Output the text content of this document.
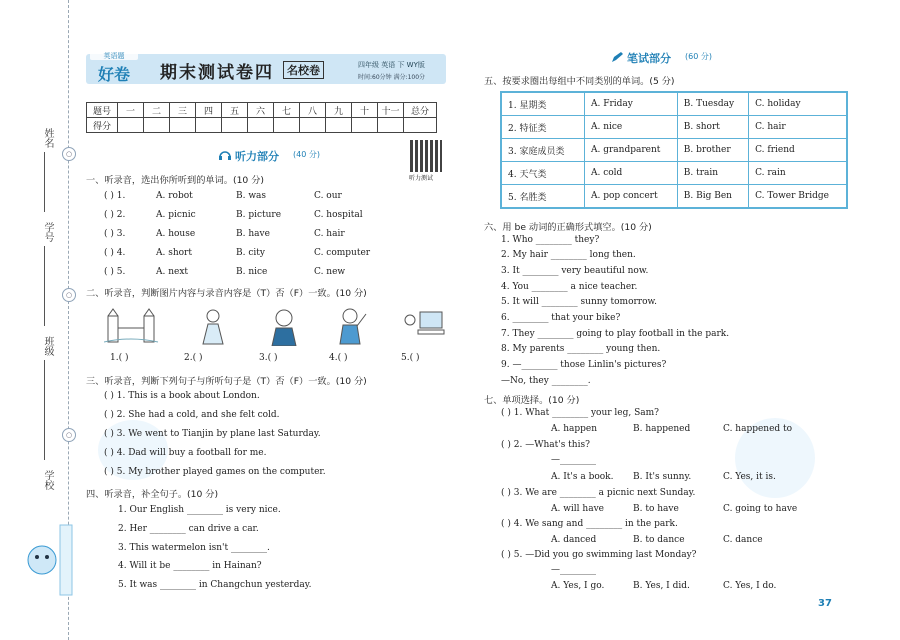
姓名
学号
班级
学校
○
○
○
英语题
好卷 期末测试卷四	名校卷	四年级 英语 下 WY版
时间:60分钟 满分:100分
题号	一	二	三	四	五	六	七	八	九	十	十一	总分
得分												
听力测试
听力部分 (40 分)
一、听录音，选出你所听到的单词。(10 分)
( ) 1.	A. robot	B. was	C. our
( ) 2.	A. picnic	B. picture	C. hospital
( ) 3.	A. house	B. have	C. hair
( ) 4.	A. short	B. city	C. computer
( ) 5.	A. next	B. nice	C. new
二、听录音，判断图片内容与录音内容是（T）否（F）一致。(10 分)
1.( )	2.( )	3.( )	4.( )	5.( )
三、听录音，判断下列句子与所听句子是（T）否（F）一致。(10 分)
( ) 1. This is a book about London.
( ) 2. She had a cold, and she felt cold.
( ) 3. We went to Tianjin by plane last Saturday.
( ) 4. Dad will buy a football for me.
( ) 5. My brother played games on the computer.
四、听录音，补全句子。(10 分)
1. Our English ________ is very nice.
2. Her ________ can drive a car.
3. This watermelon isn't ________.
4. Will it be ________ in Hainan?
5. It was ________ in Changchun yesterday.
笔试部分 (60 分)
五、按要求圈出每组中不同类别的单词。(5 分)
1. 星期类	A. Friday	B. Tuesday	C. holiday
2. 特征类	A. nice	B. short	C. hair
3. 家庭成员类	A. grandparent	B. brother	C. friend
4. 天气类	A. cold	B. train	C. rain
5. 名胜类	A. pop concert	B. Big Ben	C. Tower Bridge
六、用 be 动词的正确形式填空。(10 分)
1. Who ________ they?
2. My hair ________ long then.
3. It ________ very beautiful now.
4. You ________ a nice teacher.
5. It will ________ sunny tomorrow.
6. ________ that your bike?
7. They ________ going to play football in the park.
8. My parents ________ young then.
9. —________ those Linlin's pictures?
—No, they ________.
七、单项选择。(10 分)
( ) 1. What ________ your leg, Sam?
A. happen	B. happened	C. happened to
( ) 2. —What's this?
—________
A. It's a book. B. It's sunny.	C. Yes, it is.
( ) 3. We are ________ a picnic next Sunday.
A. will have	B. to have	C. going to have
( ) 4. We sang and ________ in the park.
A. danced	B. to dance	C. dance
( ) 5. —Did you go swimming last Monday?
—________
A. Yes, I go.	B. Yes, I did.	C. Yes, I do.
37
